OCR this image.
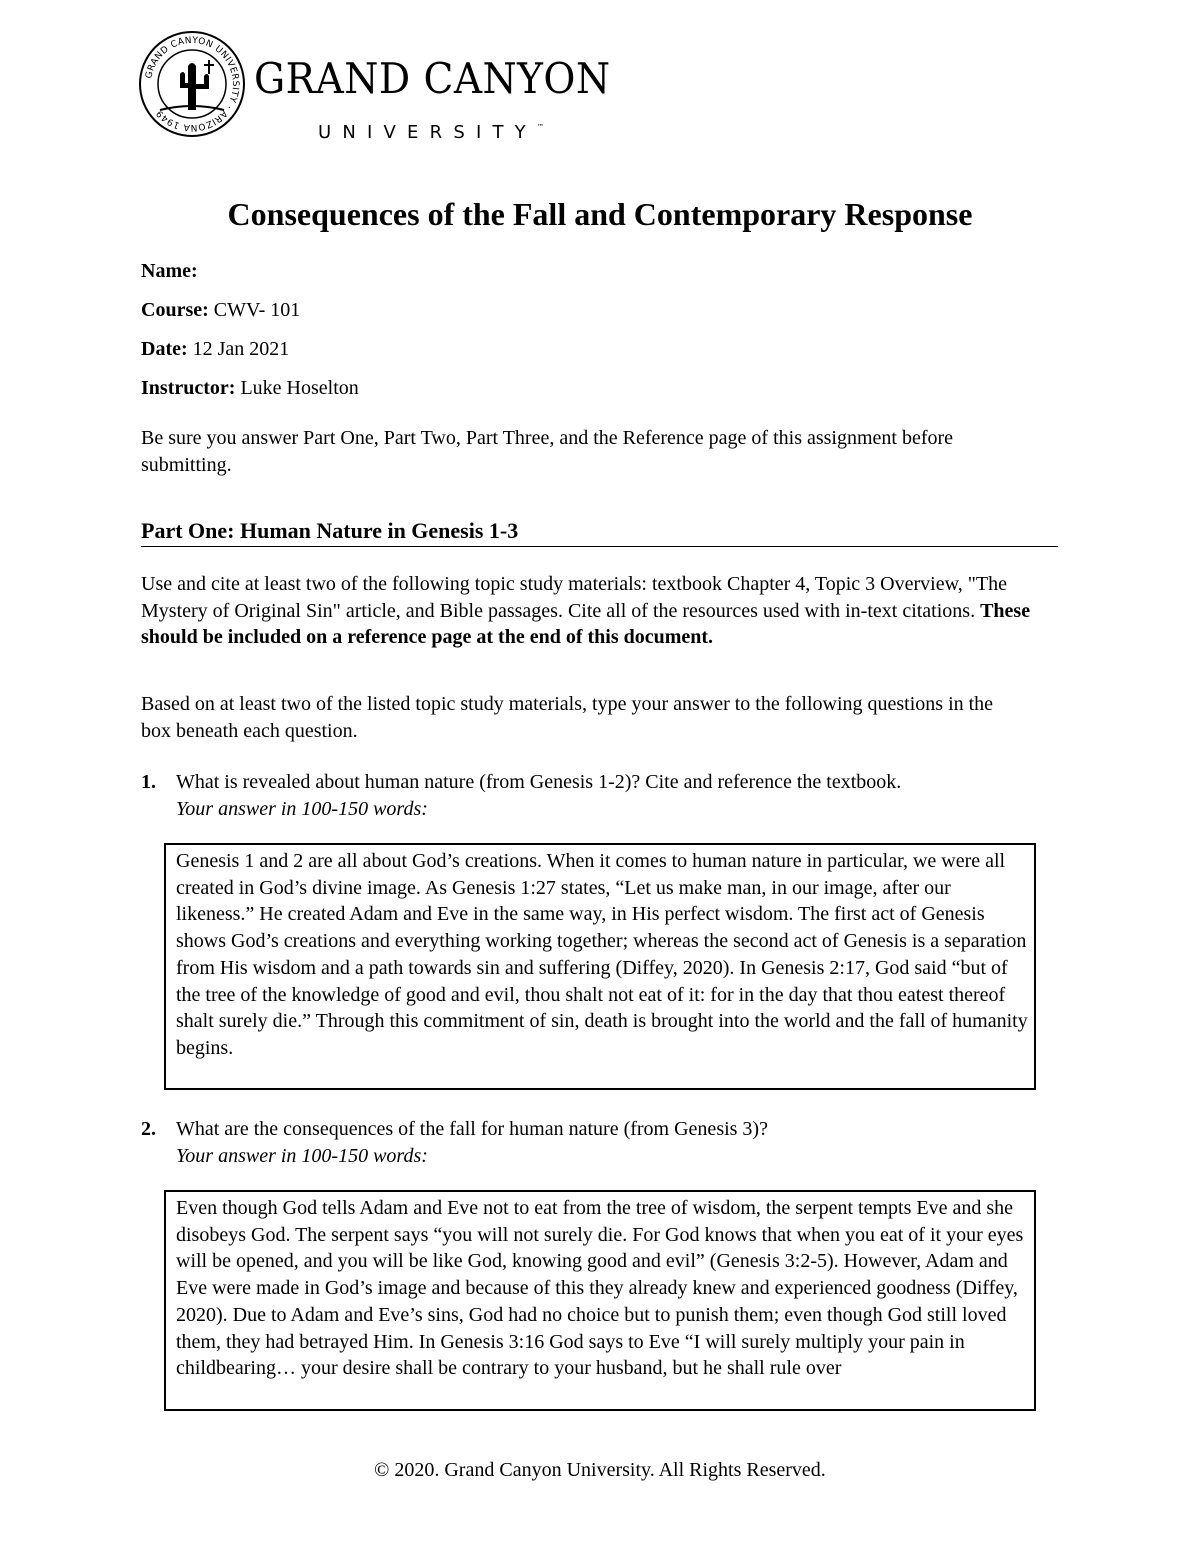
GRAND CANYON UNIVERSITY · ARIZONA 1949
GRAND CANYON
UNIVERSITY™
Consequences of the Fall and Contemporary Response
Name:
Course: CWV- 101
Date: 12 Jan 2021
Instructor: Luke Hoselton
Be sure you answer Part One, Part Two, Part Three, and the Reference page of this assignment before submitting.
Part One: Human Nature in Genesis 1-3
Use and cite at least two of the following topic study materials: textbook Chapter 4, Topic 3 Overview, "The Mystery of Original Sin" article, and Bible passages. Cite all of the resources used with in-text citations. These should be included on a reference page at the end of this document.
Based on at least two of the listed topic study materials, type your answer to the following questions in the box beneath each question.
1. What is revealed about human nature (from Genesis 1-2)? Cite and reference the textbook.
Your answer in 100-150 words:
Genesis 1 and 2 are all about God’s creations. When it comes to human nature in particular, we were all created in God’s divine image. As Genesis 1:27 states, “Let us make man, in our image, after our likeness.” He created Adam and Eve in the same way, in His perfect wisdom. The first act of Genesis shows God’s creations and everything working together; whereas the second act of Genesis is a separation from His wisdom and a path towards sin and suffering (Diffey, 2020). In Genesis 2:17, God said “but of the tree of the knowledge of good and evil, thou shalt not eat of it: for in the day that thou eatest thereof shalt surely die.” Through this commitment of sin, death is brought into the world and the fall of humanity begins.
2. What are the consequences of the fall for human nature (from Genesis 3)?
Your answer in 100-150 words:
Even though God tells Adam and Eve not to eat from the tree of wisdom, the serpent tempts Eve and she disobeys God. The serpent says “you will not surely die. For God knows that when you eat of it your eyes will be opened, and you will be like God, knowing good and evil” (Genesis 3:2-5). However, Adam and Eve were made in God’s image and because of this they already knew and experienced goodness (Diffey, 2020). Due to Adam and Eve’s sins, God had no choice but to punish them; even though God still loved them, they had betrayed Him. In Genesis 3:16 God says to Eve “I will surely multiply your pain in childbearing… your desire shall be contrary to your husband, but he shall rule over
© 2020. Grand Canyon University. All Rights Reserved.
